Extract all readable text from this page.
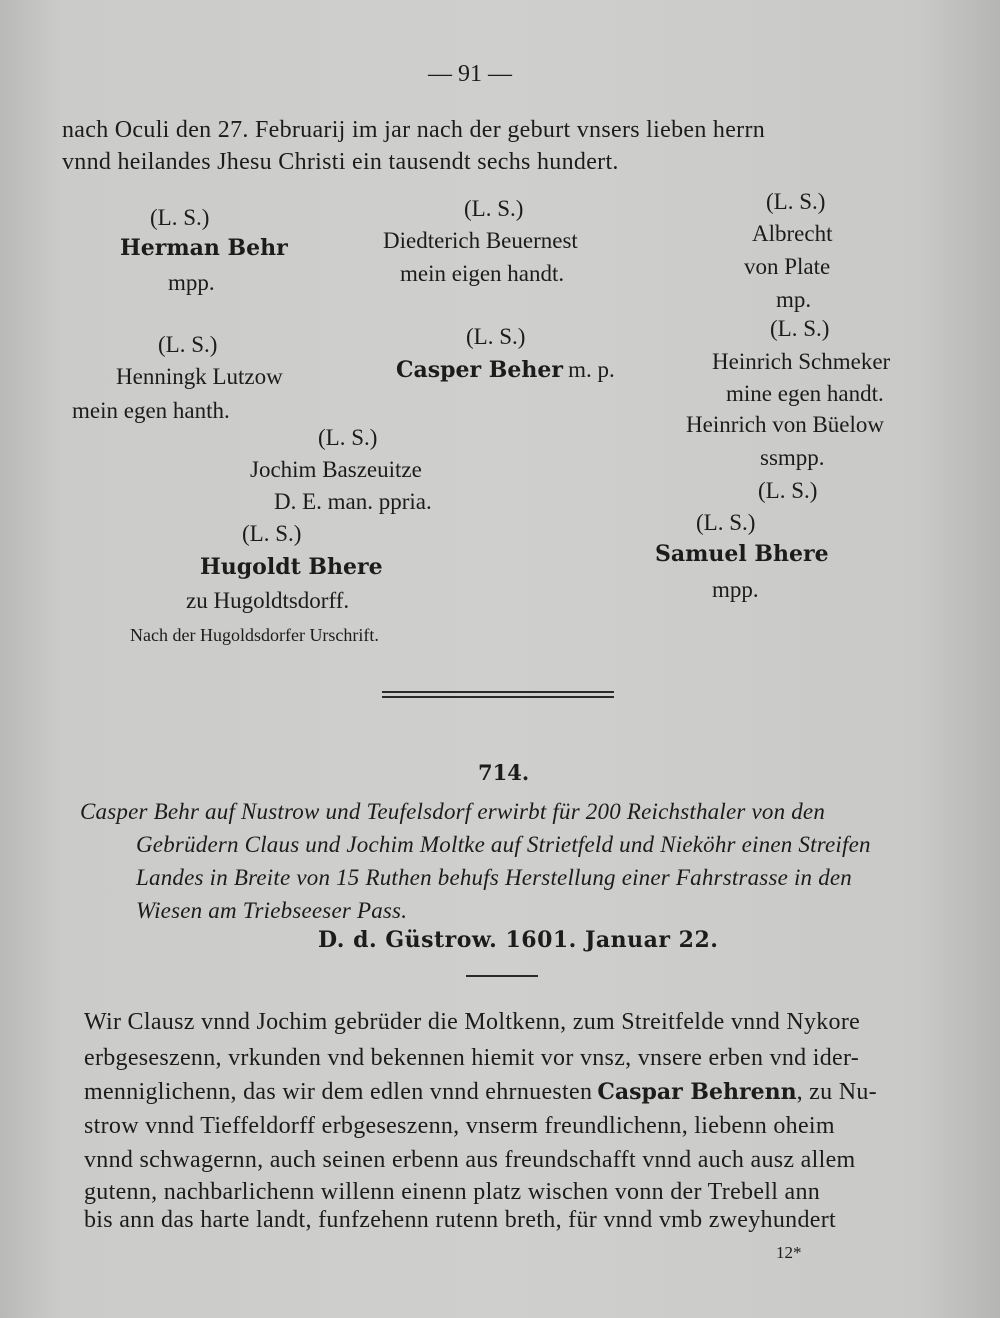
— 91 —
nach Oculi den 27. Februarij im jar nach der geburt vnsers lieben herrn
vnnd heilandes Jhesu Christi ein tausendt sechs hundert.
(L. S.)
Herman Behr
mpp.
(L. S.)
Henningk Lutzow
mein egen hanth.
(L. S.)
Diedterich Beuernest
mein eigen handt.
(L. S.)
Casper Beher m. p.
(L. S.)
Jochim Baszeuitze
D. E. man. ppria.
(L. S.)
Hugoldt Bhere
zu Hugoldtsdorff.
(L. S.)
Albrecht
von Plate
mp.
(L. S.)
Heinrich Schmeker
mine egen handt.
Heinrich von Büelow
ssmpp.
(L. S.)
(L. S.)
Samuel Bhere
mpp.
Nach der Hugoldsdorfer Urschrift.
714.
Casper Behr auf Nustrow und Teufelsdorf erwirbt für 200 Reichsthaler von den
Gebrüdern Claus und Jochim Moltke auf Strietfeld und Nieköhr einen Streifen
Landes in Breite von 15 Ruthen behufs Herstellung einer Fahrstrasse in den
Wiesen am Triebseeser Pass.
D. d. Güstrow. 1601. Januar 22.
Wir Clausz vnnd Jochim gebrüder die Moltkenn, zum Streitfelde vnnd Nykore
erbgeseszenn, vrkunden vnd bekennen hiemit vor vnsz, vnsere erben vnd ider-
menniglichenn, das wir dem edlen vnnd ehrnuesten Caspar Behrenn, zu Nu-
strow vnnd Tieffeldorff erbgeseszenn, vnserm freundlichenn, liebenn oheim
vnnd schwagernn, auch seinen erbenn aus freundschafft vnnd auch ausz allem
gutenn, nachbarlichenn willenn einenn platz wischen vonn der Trebell ann
bis ann das harte landt, funfzehenn rutenn breth, für vnnd vmb zweyhundert
12*
